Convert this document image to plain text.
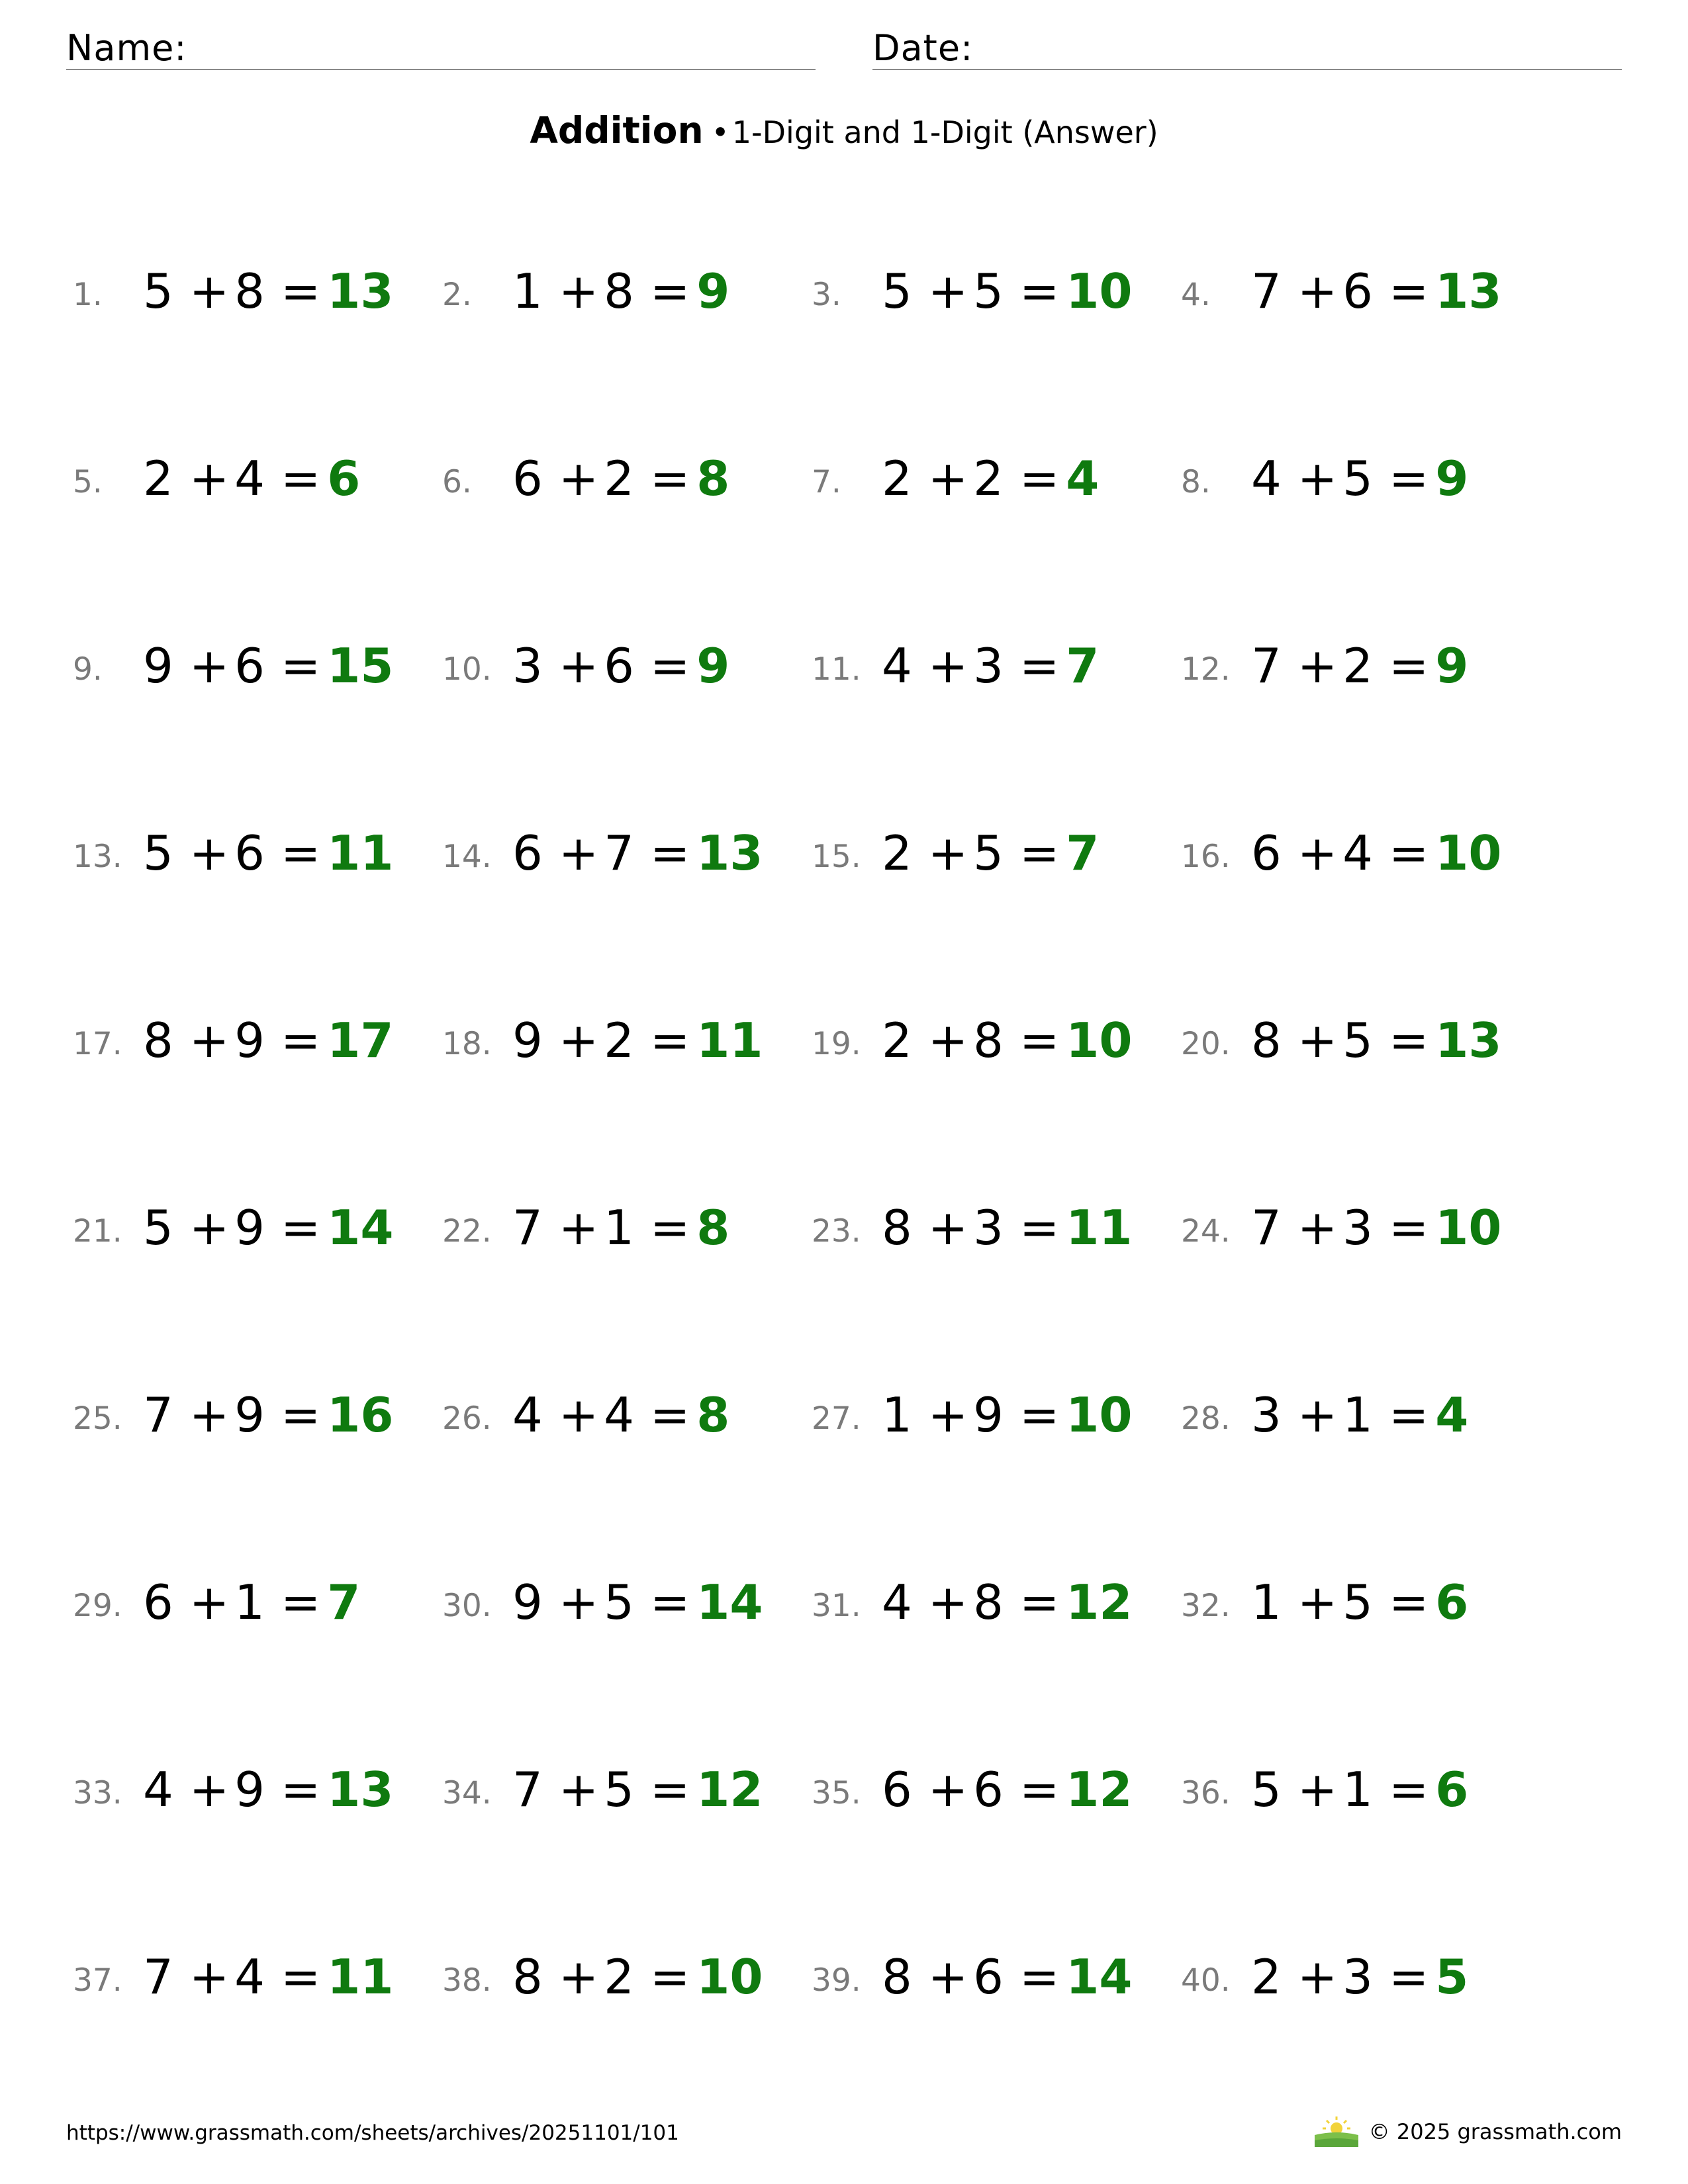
Name:	Date:
Addition •1-Digit and 1-Digit (Answer)
1. 5 + 8 = 13 2. 1 + 8 = 9	3. 5 + 5 = 10 4. 7 + 6 = 13
5. 2 + 4 = 6	6. 6 + 2 = 8	7. 2 + 2 = 4	8. 4 + 5 = 9
9. 9 + 6 = 15 10. 3 + 6 = 9	11. 4 + 3 = 7	12. 7 + 2 = 9
13. 5 + 6 = 11 14. 6 + 7 = 13 15. 2 + 5 = 7	16. 6 + 4 = 10
17. 8 + 9 = 17 18. 9 + 2 = 11 19. 2 + 8 = 10 20. 8 + 5 = 13
21. 5 + 9 = 14 22. 7 + 1 = 8	23. 8 + 3 = 11 24. 7 + 3 = 10
25. 7 + 9 = 16 26. 4 + 4 = 8	27. 1 + 9 = 10 28. 3 + 1 = 4
29. 6 + 1 = 7	30. 9 + 5 = 14 31. 4 + 8 = 12 32. 1 + 5 = 6
33. 4 + 9 = 13 34. 7 + 5 = 12 35. 6 + 6 = 12 36. 5 + 1 = 6
37. 7 + 4 = 11 38. 8 + 2 = 10 39. 8 + 6 = 14 40. 2 + 3 = 5
https://www.grassmath.com/sheets/archives/20251101/101	© 2025 grassmath.com
